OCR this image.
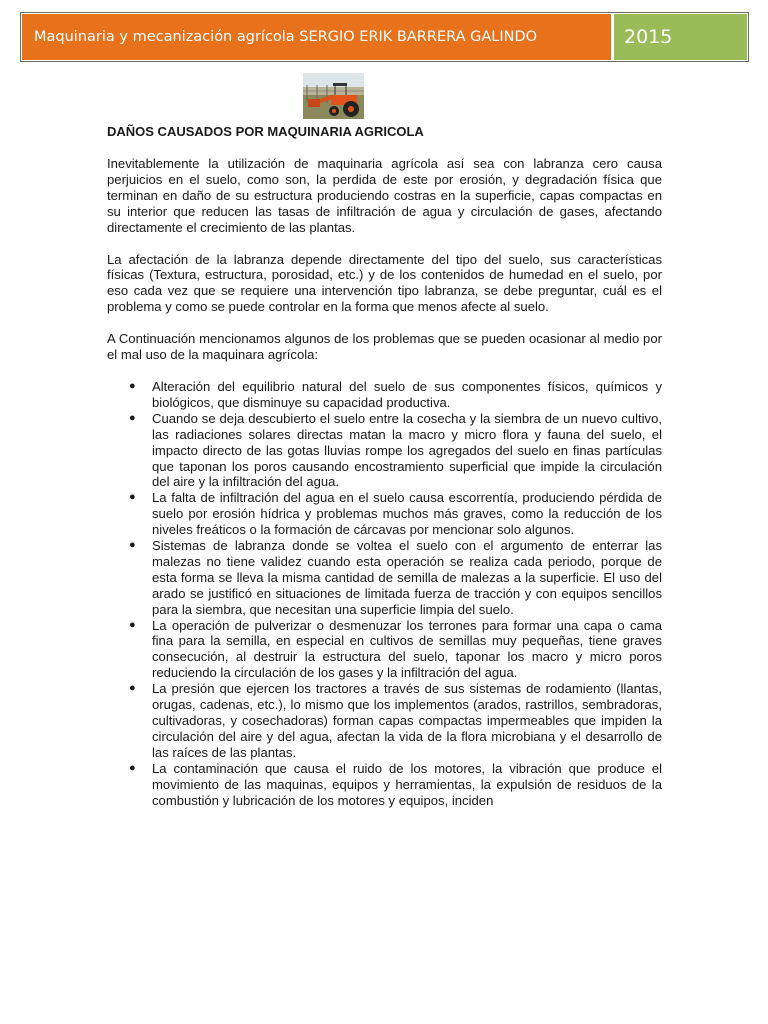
Maquinaria y mecanización agrícola SERGIO ERIK BARRERA GALINDO	2015
DAÑOS CAUSADOS POR MAQUINARIA AGRICOLA

Inevitablemente la utilización de maquinaria agrícola así sea con labranza cero causa perjuicios en el suelo, como son, la perdida de este por erosión, y degradación física que terminan en daño de su estructura produciendo costras en la superficie, capas compactas en su interior que reducen las tasas de infiltración de agua y circulación de gases, afectando directamente el crecimiento de las plantas.

La afectación de la labranza depende directamente del tipo del suelo, sus características físicas (Textura, estructura, porosidad, etc.) y de los contenidos de humedad en el suelo, por eso cada vez que se requiere una intervención tipo labranza, se debe preguntar, cuál es el problema y como se puede controlar en la forma que menos afecte al suelo.

A Continuación mencionamos algunos de los problemas que se pueden ocasionar al medio por el mal uso de la maquinara agrícola:

● Alteración del equilibrio natural del suelo de sus componentes físicos, químicos y biológicos, que disminuye su capacidad productiva.
● Cuando se deja descubierto el suelo entre la cosecha y la siembra de un nuevo cultivo, las radiaciones solares directas matan la macro y micro flora y fauna del suelo, el impacto directo de las gotas lluvias rompe los agregados del suelo en finas partículas que taponan los poros causando encostramiento superficial que impide la circulación del aire y la infiltración del agua.
● La falta de infiltración del agua en el suelo causa escorrentía, produciendo pérdida de suelo por erosión hídrica y problemas muchos más graves, como la reducción de los niveles freáticos o la formación de cárcavas por mencionar solo algunos.
● Sistemas de labranza donde se voltea el suelo con el argumento de enterrar las malezas no tiene validez cuando esta operación se realiza cada periodo, porque de esta forma se lleva la misma cantidad de semilla de malezas a la superficie. El uso del arado se justificó en situaciones de limitada fuerza de tracción y con equipos sencillos para la siembra, que necesitan una superficie limpia del suelo.
● La operación de pulverizar o desmenuzar los terrones para formar una capa o cama fina para la semilla, en especial en cultivos de semillas muy pequeñas, tiene graves consecución, al destruir la estructura del suelo, taponar los macro y micro poros reduciendo la circulación de los gases y la infiltración del agua.
● La presión que ejercen los tractores a través de sus sistemas de rodamiento (llantas, orugas, cadenas, etc.), lo mismo que los implementos (arados, rastrillos, sembradoras, cultivadoras, y cosechadoras) forman capas compactas impermeables que impiden la circulación del aire y del agua, afectan la vida de la flora microbiana y el desarrollo de las raíces de las plantas.
● La contaminación que causa el ruido de los motores, la vibración que produce el movimiento de las maquinas, equipos y herramientas, la expulsión de residuos de la combustión y lubricación de los motores y equipos, inciden
